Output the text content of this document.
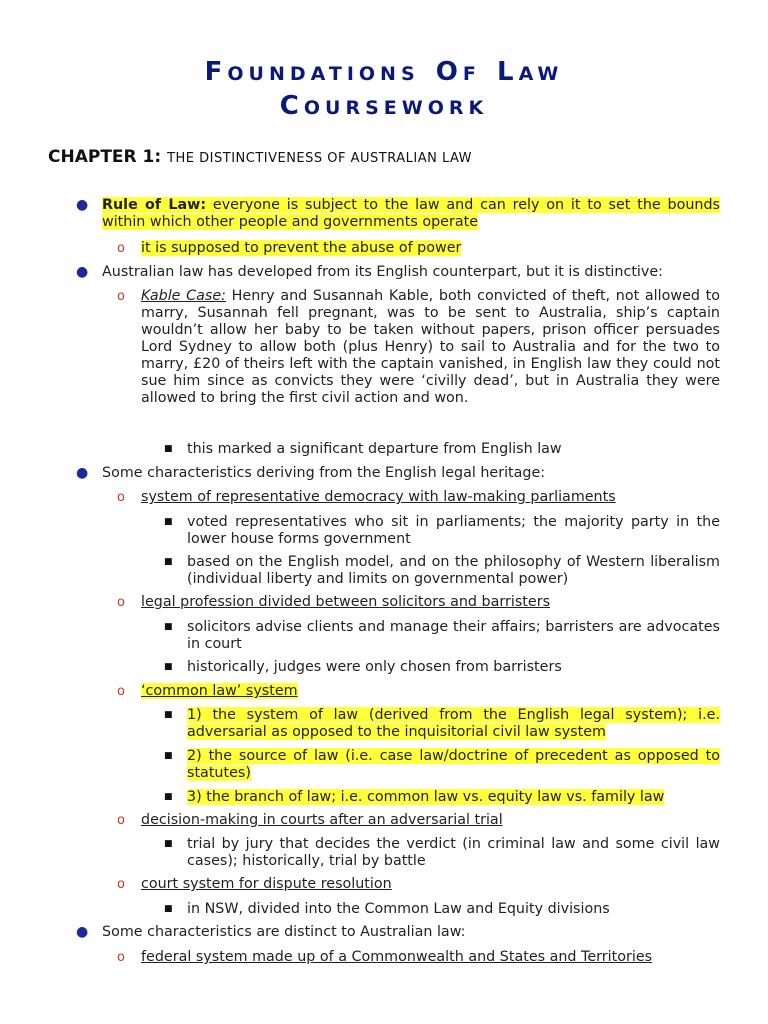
FOUNDATIONS OF LAW
COURSEWORK
CHAPTER 1: THE DISTINCTIVENESS OF AUSTRALIAN LAW
● Rule of Law: everyone is subject to the law and can rely on it to set the bounds within which other people and governments operate

o it is supposed to prevent the abuse of power

● Australian law has developed from its English counterpart, but it is distinctive:

o Kable Case: Henry and Susannah Kable, both convicted of theft, not allowed to marry, Susannah fell pregnant, was to be sent to Australia, ship’s captain wouldn’t allow her baby to be taken without papers, prison officer persuades Lord Sydney to allow both (plus Henry) to sail to Australia and for the two to marry, £20 of theirs left with the captain vanished, in English law they could not sue him since as convicts they were ‘civilly dead’, but in Australia they were allowed to bring the first civil action and won.

■ this marked a significant departure from English law

● Some characteristics deriving from the English legal heritage:

o system of representative democracy with law-making parliaments

■ voted representatives who sit in parliaments; the majority party in the lower house forms government

■ based on the English model, and on the philosophy of Western liberalism (individual liberty and limits on governmental power)

o legal profession divided between solicitors and barristers

■ solicitors advise clients and manage their affairs; barristers are advocates in court

■ historically, judges were only chosen from barristers

o ‘common law’ system

■ 1) the system of law (derived from the English legal system); i.e. adversarial as opposed to the inquisitorial civil law system

■ 2) the source of law (i.e. case law/doctrine of precedent as opposed to statutes)

■ 3) the branch of law; i.e. common law vs. equity law vs. family law

o decision-making in courts after an adversarial trial

■ trial by jury that decides the verdict (in criminal law and some civil law cases); historically, trial by battle

o court system for dispute resolution

■ in NSW, divided into the Common Law and Equity divisions

● Some characteristics are distinct to Australian law:

o federal system made up of a Commonwealth and States and Territories
